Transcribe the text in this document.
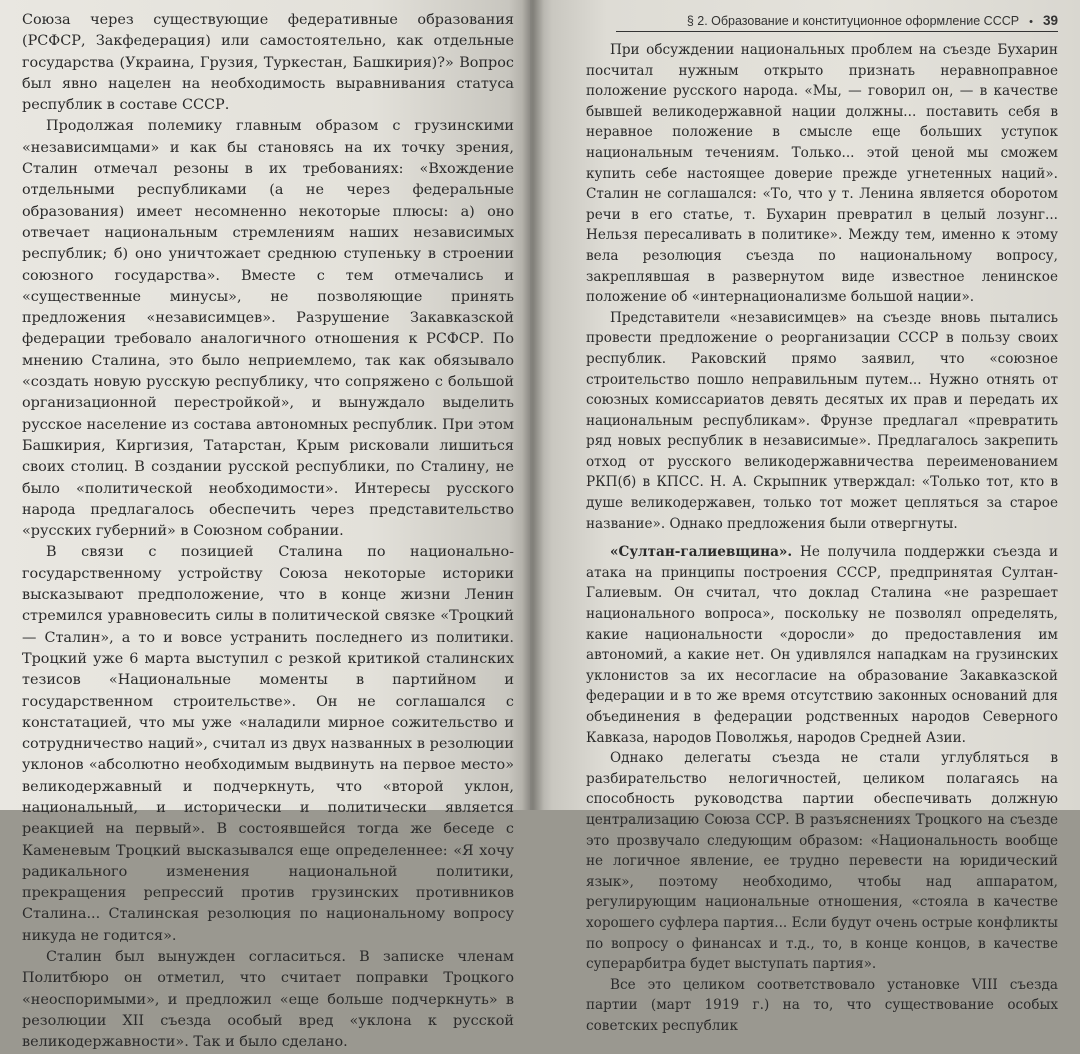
Союза через существующие федеративные образования (РСФСР, Закфедерация) или самостоятельно, как отдельные государства (Украина, Грузия, Туркестан, Башкирия)?» Вопрос был явно нацелен на необходимость выравнивания статуса республик в составе СССР.

Продолжая полемику главным образом с грузинскими «независимцами» и как бы становясь на их точку зрения, Сталин отмечал резоны в их требованиях: «Вхождение отдельными республиками (а не через федеральные образования) имеет несомненно некоторые плюсы: а) оно отвечает национальным стремлениям наших независимых республик; б) оно уничтожает среднюю ступеньку в строении союзного государства». Вместе с тем отмечались и «существенные минусы», не позволяющие принять предложения «независимцев». Разрушение Закавказской федерации требовало аналогичного отношения к РСФСР. По мнению Сталина, это было неприемлемо, так как обязывало «создать новую русскую республику, что сопряжено с большой организационной перестройкой», и вынуждало выделить русское население из состава автономных республик. При этом Башкирия, Киргизия, Татарстан, Крым рисковали лишиться своих столиц. В создании русской республики, по Сталину, не было «политической необходимости». Интересы русского народа предлагалось обеспечить через представительство «русских губерний» в Союзном собрании.

В связи с позицией Сталина по национально-государственному устройству Союза некоторые историки высказывают предположение, что в конце жизни Ленин стремился уравновесить силы в политической связке «Троцкий — Сталин», а то и вовсе устранить последнего из политики. Троцкий уже 6 марта выступил с резкой критикой сталинских тезисов «Национальные моменты в партийном и государственном строительстве». Он не соглашался с констатацией, что мы уже «наладили мирное сожительство и сотрудничество наций», считал из двух названных в резолюции уклонов «абсолютно необходимым выдвинуть на первое место» великодержавный и подчеркнуть, что «второй уклон, национальный, и исторически и политически является реакцией на первый». В состоявшейся тогда же беседе с Каменевым Троцкий высказывался еще определеннее: «Я хочу радикального изменения национальной политики, прекращения репрессий против грузинских противников Сталина... Сталинская резолюция по национальному вопросу никуда не годится».

Сталин был вынужден согласиться. В записке членам Политбюро он отметил, что считает поправки Троцкого «неоспоримыми», и предложил «еще больше подчеркнуть» в резолюции XII съезда особый вред «уклона к русской великодержавности». Так и было сделано.

§ 2. Образование и конституционное оформление СССР • 39

При обсуждении национальных проблем на съезде Бухарин посчитал нужным открыто признать неравноправное положение русского народа. «Мы, — говорил он, — в качестве бывшей великодержавной нации должны... поставить себя в неравное положение в смысле еще больших уступок национальным течениям. Только... этой ценой мы сможем купить себе настоящее доверие прежде угнетенных наций». Сталин не соглашался: «То, что у т. Ленина является оборотом речи в его статье, т. Бухарин превратил в целый лозунг... Нельзя пересаливать в политике». Между тем, именно к этому вела резолюция съезда по национальному вопросу, закреплявшая в развернутом виде известное ленинское положение об «интернационализме большой нации».

Представители «независимцев» на съезде вновь пытались провести предложение о реорганизации СССР в пользу своих республик. Раковский прямо заявил, что «союзное строительство пошло неправильным путем... Нужно отнять от союзных комиссариатов девять десятых их прав и передать их национальным республикам». Фрунзе предлагал «превратить ряд новых республик в независимые». Предлагалось закрепить отход от русского великодержавничества переименованием РКП(б) в КПСС. Н. А. Скрыпник утверждал: «Только тот, кто в душе великодержавен, только тот может цепляться за старое название». Однако предложения были отвергнуты.

«Султан-галиевщина». Не получила поддержки съезда и атака на принципы построения СССР, предпринятая Султан-Галиевым. Он считал, что доклад Сталина «не разрешает национального вопроса», поскольку не позволял определять, какие национальности «доросли» до предоставления им автономий, а какие нет. Он удивлялся нападкам на грузинских уклонистов за их несогласие на образование Закавказской федерации и в то же время отсутствию законных оснований для объединения в федерации родственных народов Северного Кавказа, народов Поволжья, народов Средней Азии.

Однако делегаты съезда не стали углубляться в разбирательство нелогичностей, целиком полагаясь на способность руководства партии обеспечивать должную централизацию Союза ССР. В разъяснениях Троцкого на съезде это прозвучало следующим образом: «Национальность вообще не логичное явление, ее трудно перевести на юридический язык», поэтому необходимо, чтобы над аппаратом, регулирующим национальные отношения, «стояла в качестве хорошего суфлера партия... Если будут очень острые конфликты по вопросу о финансах и т.д., то, в конце концов, в качестве суперарбитра будет выступать партия».

Все это целиком соответствовало установке VIII съезда партии (март 1919 г.) на то, что существование особых советских республик
